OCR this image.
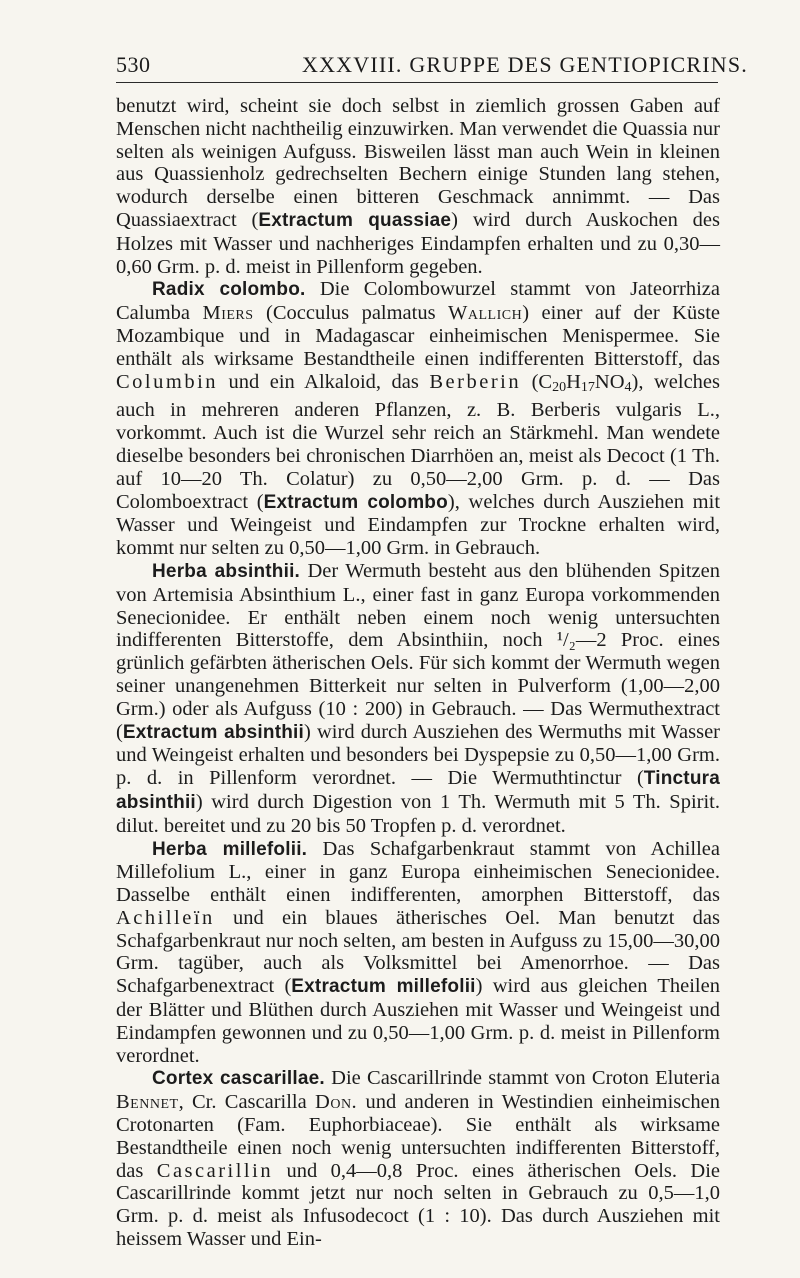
530	XXXVIII. GRUPPE DES GENTIOPICRINS.

benutzt wird, scheint sie doch selbst in ziemlich grossen Gaben auf Menschen nicht nachtheilig einzuwirken. Man verwendet die Quassia nur selten als weinigen Aufguss. Bisweilen lässt man auch Wein in kleinen aus Quassienholz gedrechselten Bechern einige Stunden lang stehen, wodurch derselbe einen bitteren Geschmack annimmt. — Das Quassiaextract (Extractum quassiae) wird durch Auskochen des Holzes mit Wasser und nachheriges Eindampfen erhalten und zu 0,30—0,60 Grm. p. d. meist in Pillenform gegeben.

Radix colombo. Die Colombowurzel stammt von Jateorrhiza Calumba Miers (Cocculus palmatus Wallich) einer auf der Küste Mozambique und in Madagascar einheimischen Menispermee. Sie enthält als wirksame Bestandtheile einen indifferenten Bitterstoff, das Columbin und ein Alkaloid, das Berberin $(C_{20}H_{17}NO_4)$, welches auch in mehreren anderen Pflanzen, z. B. Berberis vulgaris L., vorkommt. Auch ist die Wurzel sehr reich an Stärkmehl. Man wendete dieselbe besonders bei chronischen Diarrhöen an, meist als Decoct (1 Th. auf 10—20 Th. Colatur) zu 0,50—2,00 Grm. p. d. — Das Colomboextract (Extractum colombo), welches durch Ausziehen mit Wasser und Weingeist und Eindampfen zur Trockne erhalten wird, kommt nur selten zu 0,50—1,00 Grm. in Gebrauch.

Herba absinthii. Der Wermuth besteht aus den blühenden Spitzen von Artemisia Absinthium L., einer fast in ganz Europa vorkommenden Senecionidee. Er enthält neben einem noch wenig untersuchten indifferenten Bitterstoffe, dem Absinthiin, noch ¹/₂—2 Proc. eines grünlich gefärbten ätherischen Oels. Für sich kommt der Wermuth wegen seiner unangenehmen Bitterkeit nur selten in Pulverform (1,00—2,00 Grm.) oder als Aufguss (10 : 200) in Gebrauch. — Das Wermuthextract (Extractum absinthii) wird durch Ausziehen des Wermuths mit Wasser und Weingeist erhalten und besonders bei Dyspepsie zu 0,50—1,00 Grm. p. d. in Pillenform verordnet. — Die Wermuthtinctur (Tinctura absinthii) wird durch Digestion von 1 Th. Wermuth mit 5 Th. Spirit. dilut. bereitet und zu 20 bis 50 Tropfen p. d. verordnet.

Herba millefolii. Das Schafgarbenkraut stammt von Achillea Millefolium L., einer in ganz Europa einheimischen Senecionidee. Dasselbe enthält einen indifferenten, amorphen Bitterstoff, das Achilleïn und ein blaues ätherisches Oel. Man benutzt das Schafgarbenkraut nur noch selten, am besten in Aufguss zu 15,00—30,00 Grm. tagüber, auch als Volksmittel bei Amenorrhoe. — Das Schafgarbenextract (Extractum millefolii) wird aus gleichen Theilen der Blätter und Blüthen durch Ausziehen mit Wasser und Weingeist und Eindampfen gewonnen und zu 0,50—1,00 Grm. p. d. meist in Pillenform verordnet.

Cortex cascarillae. Die Cascarillrinde stammt von Croton Eluteria Bennet, Cr. Cascarilla Don. und anderen in Westindien einheimischen Crotonarten (Fam. Euphorbiaceae). Sie enthält als wirksame Bestandtheile einen noch wenig untersuchten indifferenten Bitterstoff, das Cascarillin und 0,4—0,8 Proc. eines ätherischen Oels. Die Cascarillrinde kommt jetzt nur noch selten in Gebrauch zu 0,5—1,0 Grm. p. d. meist als Infusodecoct (1 : 10). Das durch Ausziehen mit heissem Wasser und Ein-
